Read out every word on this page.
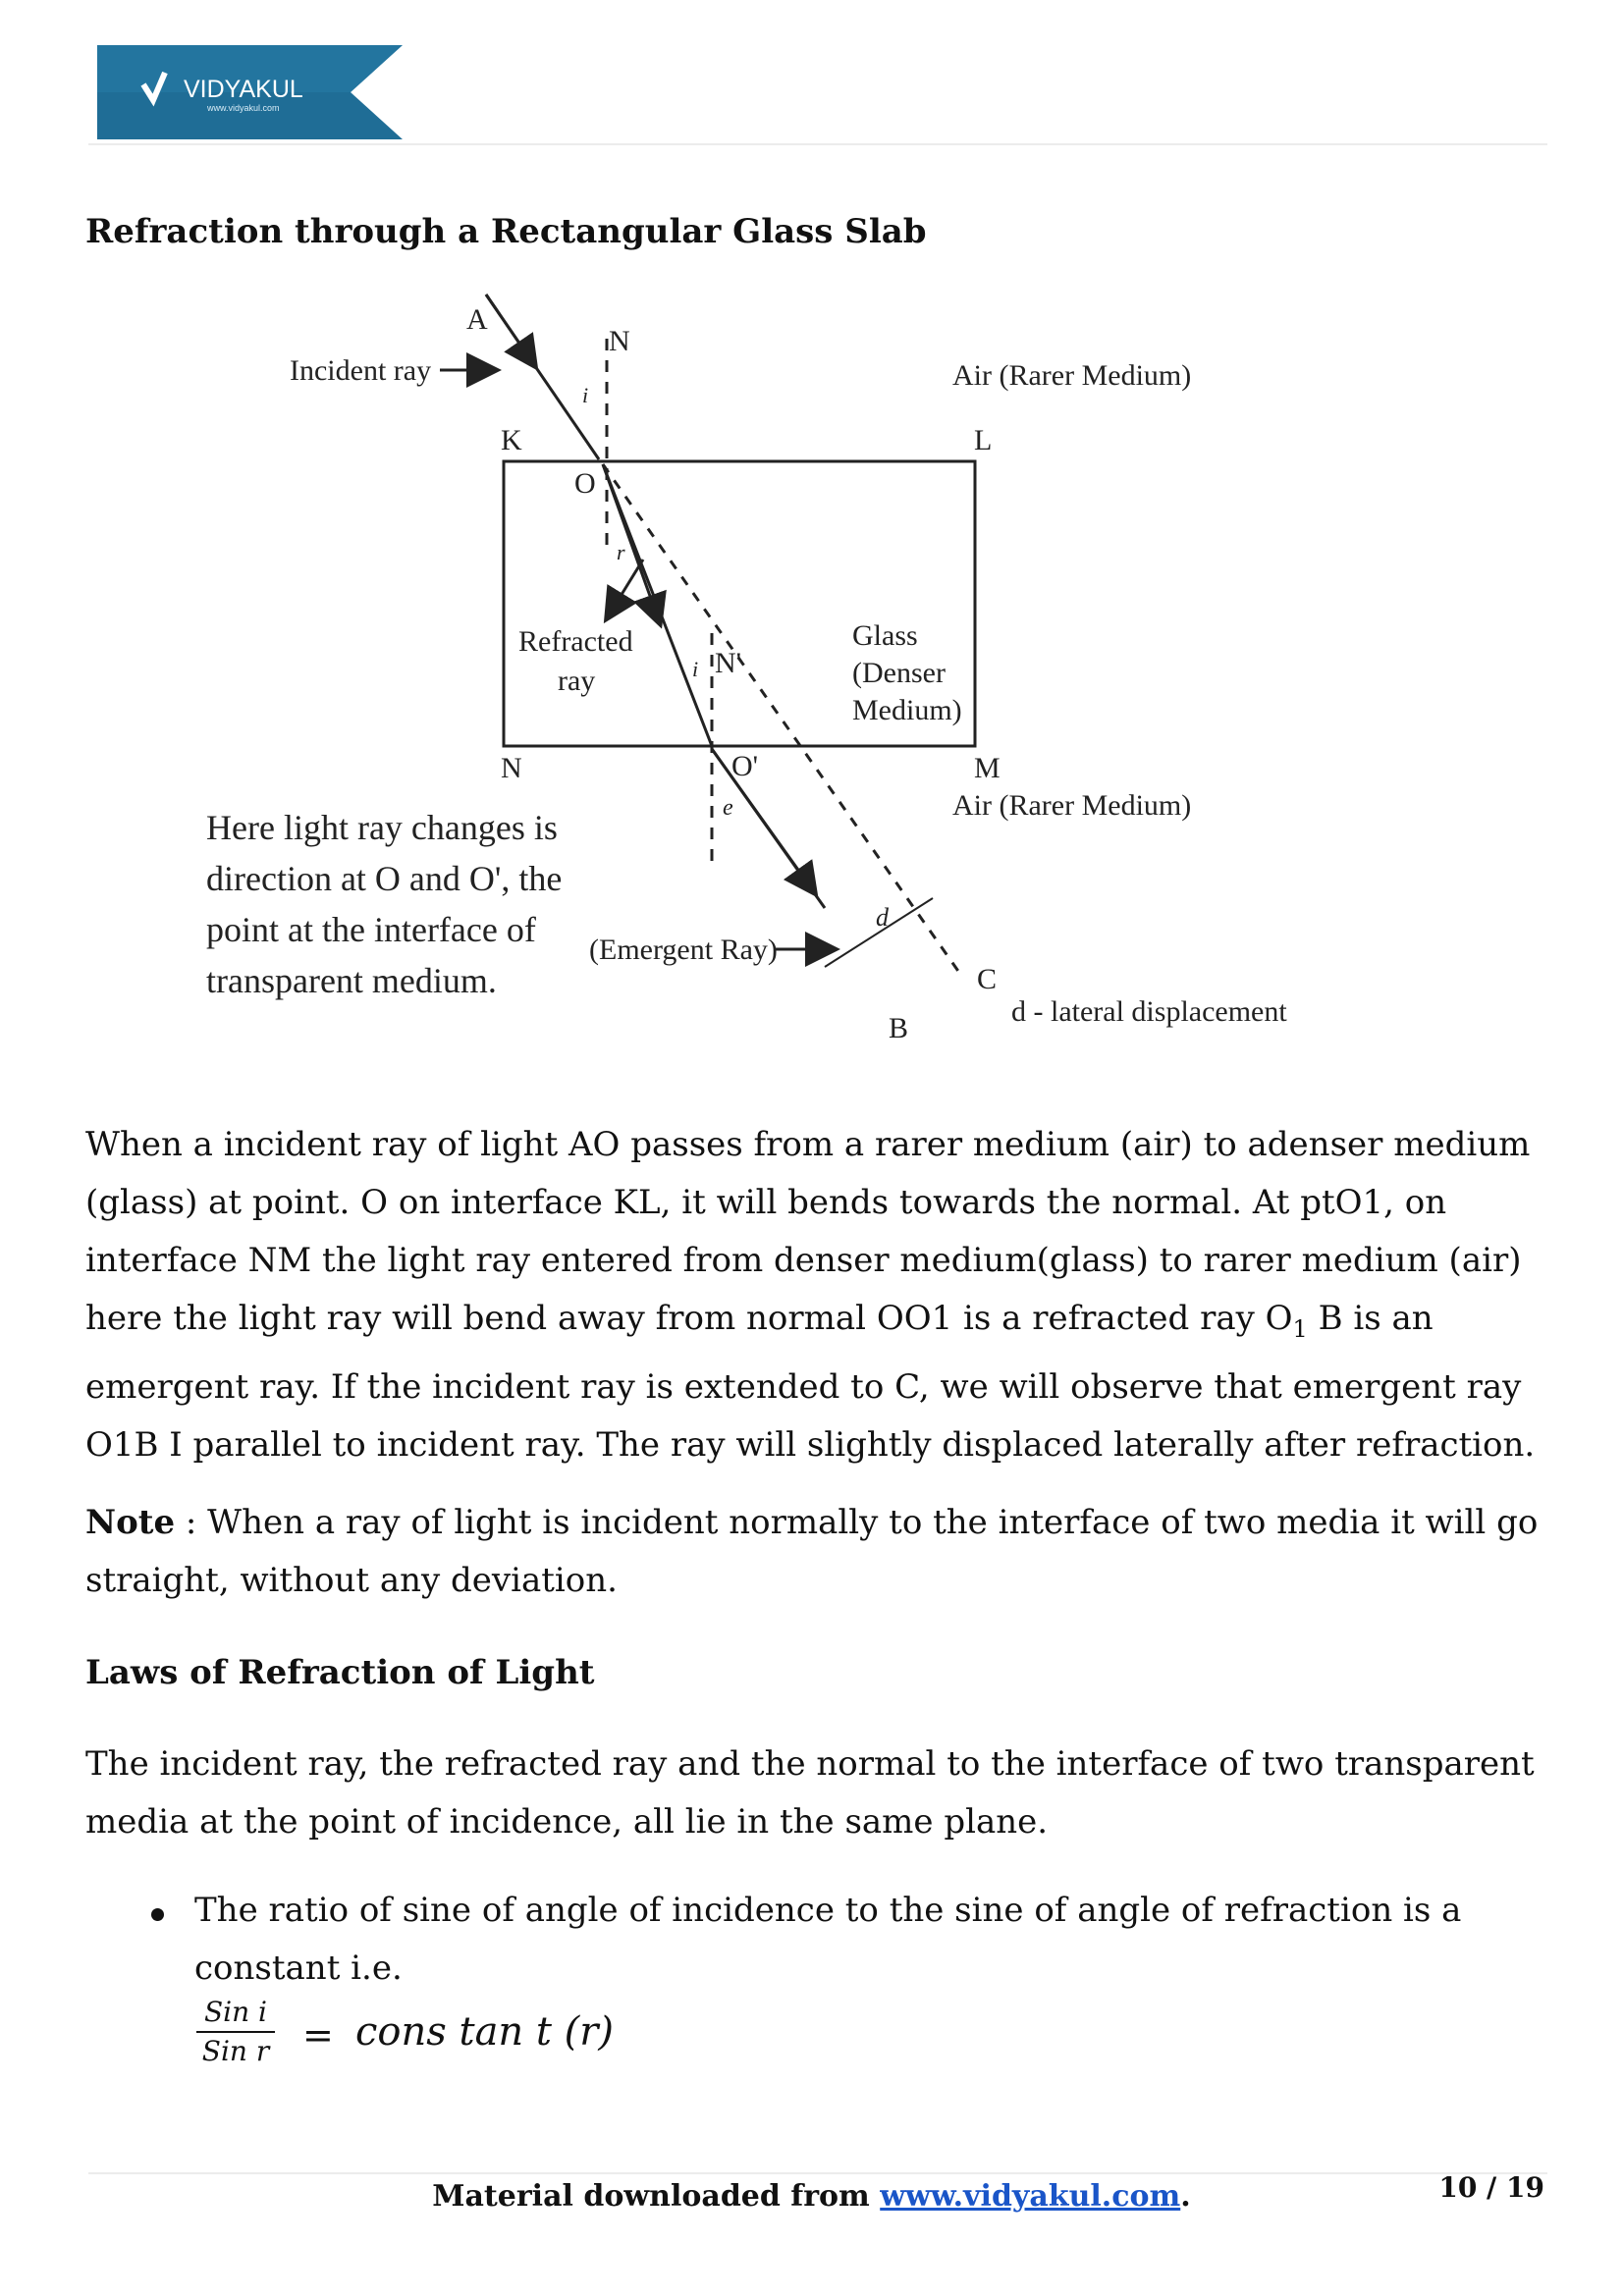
VIDYAKUL
www.vidyakul.com
Refraction through a Rectangular Glass Slab
A
N
Incident ray
i
Air (Rarer Medium)
K	L
O
r
Refracted
ray	i N'
Glass
(Denser
Medium)
N	O'	M
Air (Rarer Medium)
e
Here light ray changes is
direction at O and O', the
point at the interface of
transparent medium.
d
(Emergent Ray)
C
B
d - lateral displacement

When a incident ray of light AO passes from a rarer medium (air) to adenser medium (glass) at point. O on interface KL, it will bends towards the normal. At ptO1, on interface NM the light ray entered from denser medium(glass) to rarer medium (air) here the light ray will bend away from normal OO1 is a refracted ray $O_1$ B is an emergent ray. If the incident ray is extended to C, we will observe that emergent ray O1B I parallel to incident ray. The ray will slightly displaced laterally after refraction.

Note : When a ray of light is incident normally to the interface of two media it will go straight, without any deviation.

Laws of Refraction of Light

The incident ray, the refracted ray and the normal to the interface of two transparent media at the point of incidence, all lie in the same plane.

The ratio of sine of angle of incidence to the sine of angle of refraction is a constant i.e.

Sin i
Sin r = cons tan t (r)
Material downloaded from www.vidyakul.com.	10 / 19
